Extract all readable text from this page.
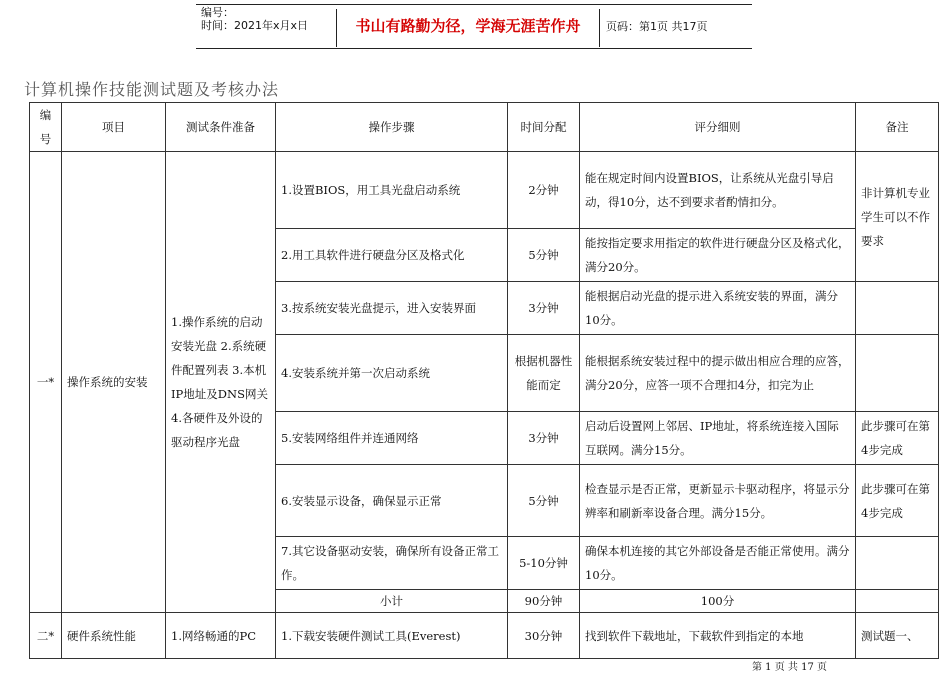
编号：
时间：2021年x月x日	书山有路勤为径，学海无涯苦作舟	页码：第1页 共17页
计算机操作技能测试题及考核办法
编号	项目	测试条件准备	操作步骤	时间分配	评分细则	备注
一*	操作系统的安装	1.操作系统的启动安装光盘 2.系统硬件配置列表 3.本机IP地址及DNS网关 4.各硬件及外设的驱动程序光盘	1.设置BIOS，用工具光盘启动系统	2分钟	能在规定时间内设置BIOS，让系统从光盘引导启动，得10分，达不到要求者酌情扣分。	非计算机专业学生可以不作要求
			2.用工具软件进行硬盘分区及格式化	5分钟	能按指定要求用指定的软件进行硬盘分区及格式化，满分20分。	
			3.按系统安装光盘提示，进入安装界面	3分钟	能根据启动光盘的提示进入系统安装的界面，满分10分。	
			4.安装系统并第一次启动系统	根据机器性能而定	能根据系统安装过程中的提示做出相应合理的应答，满分20分，应答一项不合理扣4分，扣完为止	
			5.安装网络组件并连通网络	3分钟	启动后设置网上邻居、IP地址，将系统连接入国际互联网。满分15分。	此步骤可在第4步完成
			6.安装显示设备，确保显示正常	5分钟	检查显示是否正常，更新显示卡驱动程序，将显示分辨率和刷新率设备合理。满分15分。	此步骤可在第4步完成
			7.其它设备驱动安装，确保所有设备正常工作。	5-10分钟	确保本机连接的其它外部设备是否能正常使用。满分10分。	
			小计	90分钟	100分	
二*	硬件系统性能	1.网络畅通的PC	1.下载安装硬件测试工具(Everest)	30分钟	找到软件下载地址，下载软件到指定的本地	测试题一、
第 1 页 共 17 页
